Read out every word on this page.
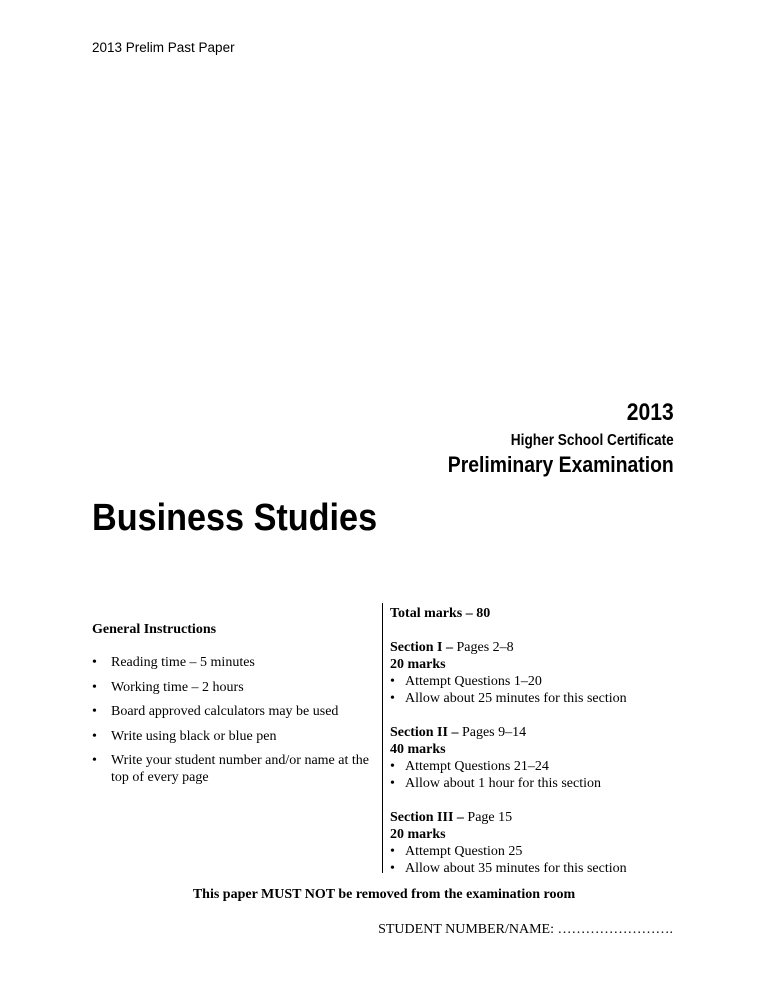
2013 Prelim Past Paper
2013
Higher School Certificate
Preliminary Examination
Business Studies
General Instructions
• Reading time – 5 minutes
• Working time – 2 hours
• Board approved calculators may be used
• Write using black or blue pen
• Write your student number and/or name at the top of every page
Total marks – 80
Section I – Pages 2–8
20 marks
• Attempt Questions 1–20
• Allow about 25 minutes for this section
Section II – Pages 9–14
40 marks
• Attempt Questions 21–24
• Allow about 1 hour for this section
Section III – Page 15
20 marks
• Attempt Question 25
• Allow about 35 minutes for this section
This paper MUST NOT be removed from the examination room
STUDENT NUMBER/NAME: …………………….
